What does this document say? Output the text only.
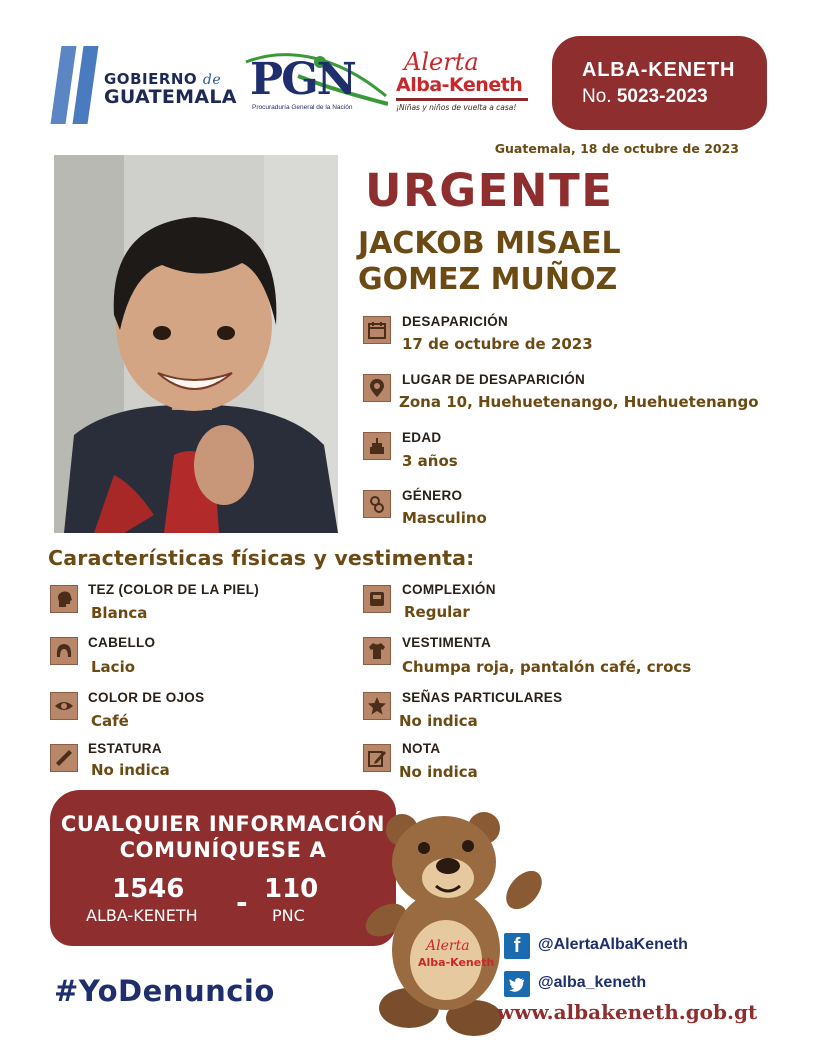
GOBIERNO de
GUATEMALA PGN
Procuraduría General de la Nación
Alerta
Alba-Keneth
¡Niñas y niños de vuelta a casa!
ALBA-KENETH
No. 5023-2023
Guatemala, 18 de octubre de 2023
URGENTE
JACKOB MISAEL
GOMEZ MUÑOZ
DESAPARICIÓN
17 de octubre de 2023
LUGAR DE DESAPARICIÓN
Zona 10, Huehuetenango, Huehuetenango
EDAD
3 años
GÉNERO
Masculino
Características físicas y vestimenta:
TEZ (COLOR DE LA PIEL)
Blanca
CABELLO
Lacio
COLOR DE OJOS
Café
ESTATURA
No indica
COMPLEXIÓN
Regular
VESTIMENTA
Chumpa roja, pantalón café, crocs
SEÑAS PARTICULARES
No indica
NOTA
No indica
CUALQUIER INFORMACIÓN
COMUNÍQUESE A
1546
ALBA-KENETH - 110
PNC
#YoDenuncio
Alerta
Alba-Keneth
f	@AlertaAlbaKeneth
@alba_keneth
www.albakeneth.gob.gt
